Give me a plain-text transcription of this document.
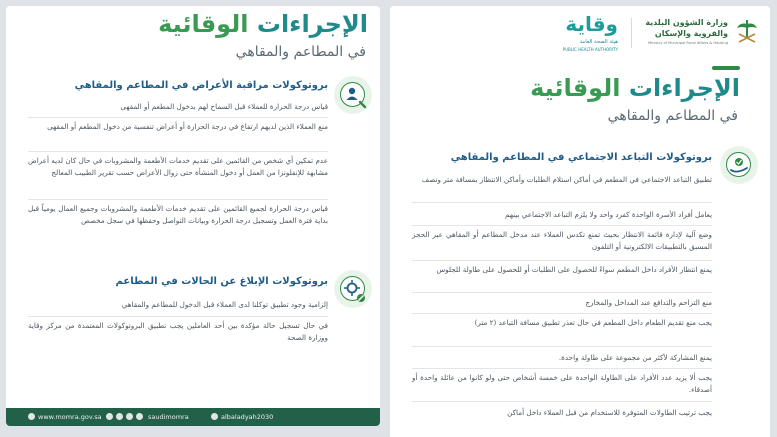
الإجراءات الوقائية
في المطاعم والمقاهي
بروتوكولات مراقبة الأعراض في المطاعم والمقاهي
قياس درجة الحرارة للعملاء قبل السماح لهم بدخول المطعم أو المقهى
منع العملاء الذين لديهم ارتفاع في درجة الحرارة أو أعراض تنفسية من دخول المطعم أو المقهى
عدم تمكين أي شخص من القائمين على تقديم خدمات الأطعمة والمشروبات في حال كان لديه أعراض مشابهة للإنفلونزا من العمل أو دخول المنشأة حتى زوال الأعراض حسب تقرير الطبيب المعالج
قياس درجة الحرارة لجميع القائمين على تقديم خدمات الأطعمة والمشروبات وجميع العمال يومياً قبل بداية فترة العمل وتسجيل درجة الحرارة وبيانات التواصل وحفظها في سجل مخصص
بروتوكولات الإبلاغ عن الحالات في المطاعم
إلزامية وجود تطبيق توكلنا لدى العملاء قبل الدخول للمطاعم والمقاهي
في حال تسجيل حالة مؤكدة بين أحد العاملين يجب تطبيق البروتوكولات المعتمدة من مركز وقاية ووزارة الصحة
www.momra.gov.sa	saudimomra	albaladyah2030
وزارة الشؤون البلدية
والقروية والإسكان
Ministry of Municipal Rural Affairs & Housing
وقاية
هيئة الصحة العامة
PUBLIC HEALTH AUTHORITY
الإجراءات الوقائية
في المطاعم والمقاهي
بروتوكولات التباعد الاجتماعي في المطاعم والمقاهي
تطبيق التباعد الاجتماعي في المطعم في أماكن استلام الطلبات وأماكن الانتظار بمسافة متر ونصف
يعامل أفراد الأسرة الواحدة كفرد واحد ولا يلزم التباعد الاجتماعي بينهم
وضع آلية لإدارة قائمة الانتظار بحيث تمنع تكدس العملاء عند مدخل المطاعم أو المقاهي عبر الحجز المسبق بالتطبيقات الالكترونية أو التلفون
يمنع انتظار الأفراد داخل المطعم سواءً للحصول على الطلبات أو للحصول على طاولة للجلوس
منع التزاحم والتدافع عند المداخل والمخارج
يجب منع تقديم الطعام داخل المطعم في حال تعذر تطبيق مسافة التباعد (٢ متر)
يمنع المشاركة لأكثر من مجموعة على طاولة واحدة.
يجب ألا يزيد عدد الأفراد على الطاولة الواحدة على خمسة أشخاص حتى ولو كانوا من عائلة واحدة أو أصدقاء.
يجب ترتيب الطاولات المتوفرة للاستخدام من قبل العملاء داخل أماكن
